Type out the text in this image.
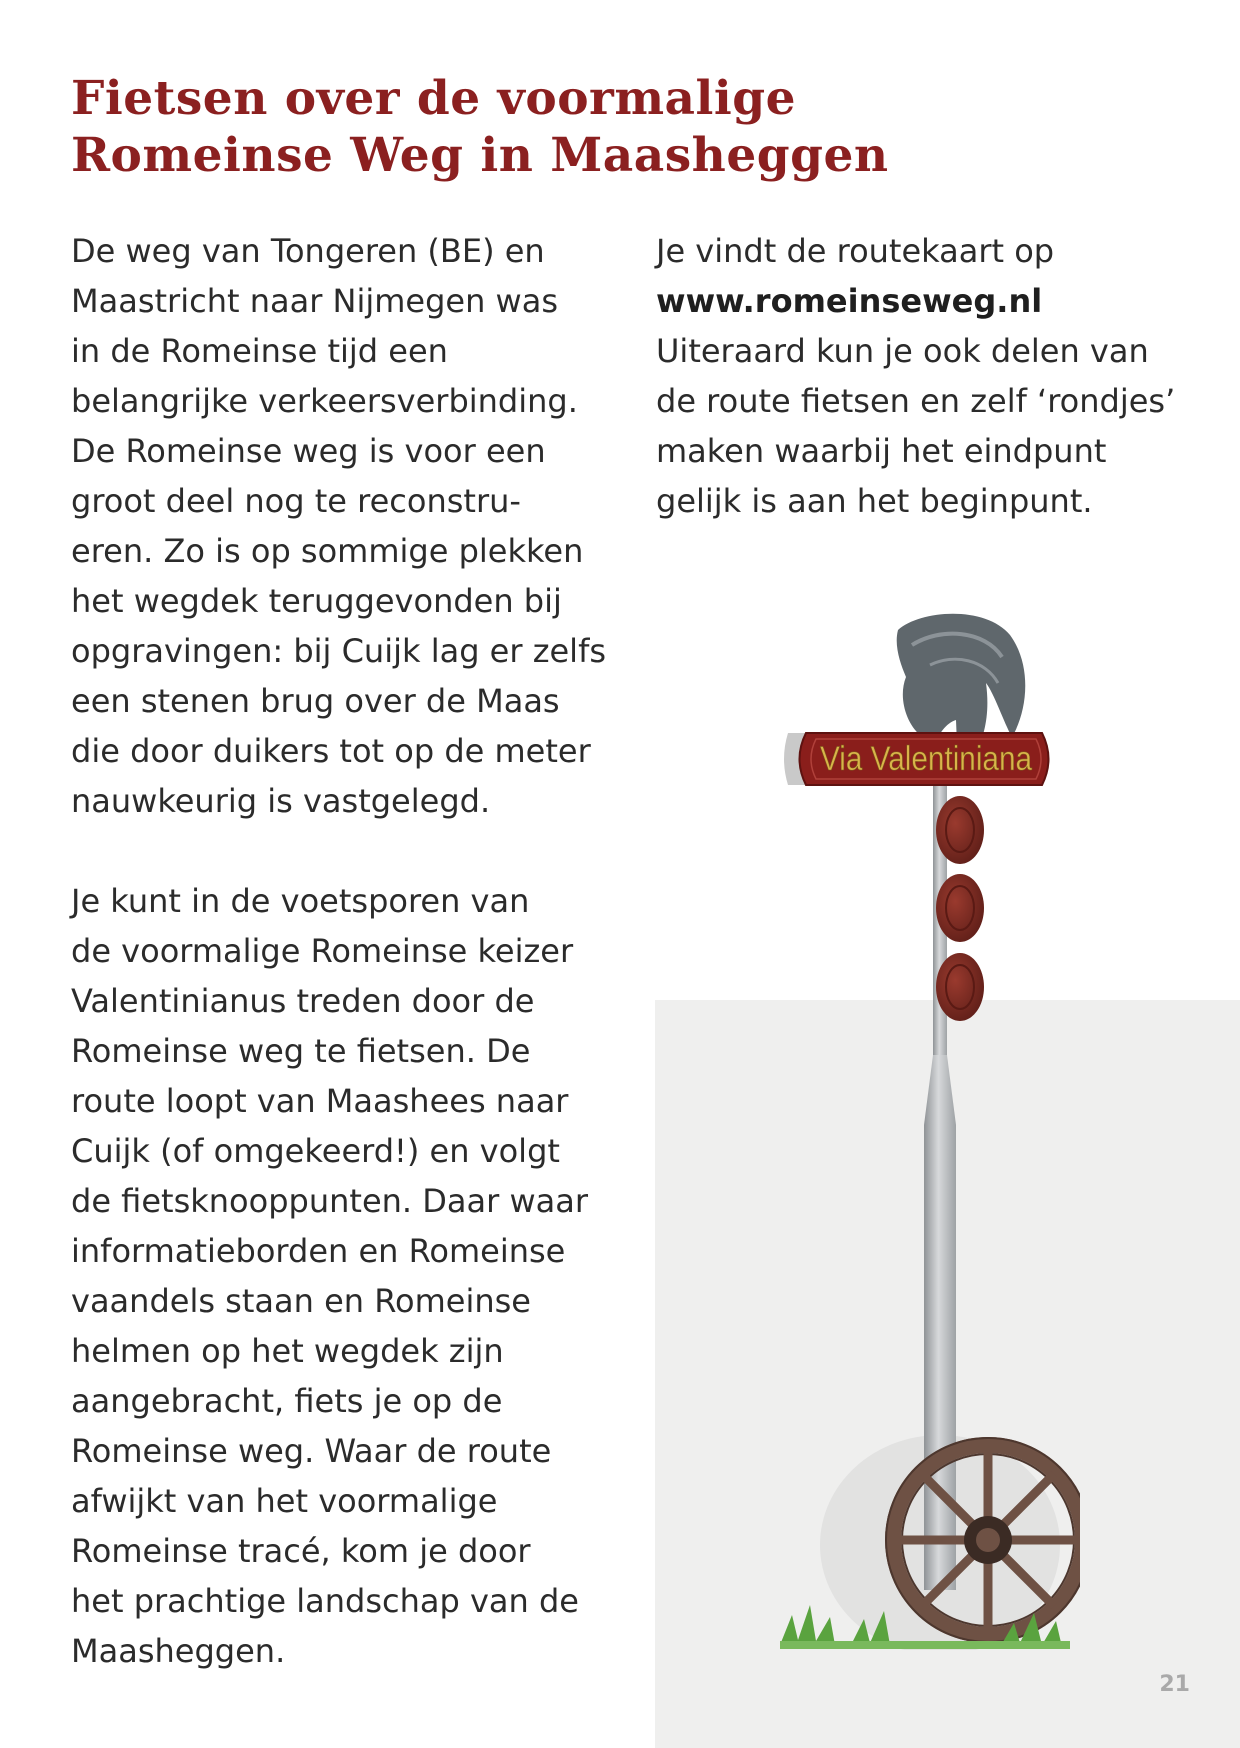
Fietsen over de voormalige
Romeinse Weg in Maasheggen

De weg van Tongeren (BE) en
Maastricht naar Nijmegen was
in de Romeinse tijd een
belangrijke verkeersverbinding.
De Romeinse weg is voor een
groot deel nog te reconstru-
eren. Zo is op sommige plekken
het wegdek teruggevonden bij
opgravingen: bij Cuijk lag er zelfs
een stenen brug over de Maas
die door duikers tot op de meter
nauwkeurig is vastgelegd.

Je kunt in de voetsporen van
de voormalige Romeinse keizer
Valentinianus treden door de
Romeinse weg te fietsen. De
route loopt van Maashees naar
Cuijk (of omgekeerd!) en volgt
de fietsknooppunten. Daar waar
informatieborden en Romeinse
vaandels staan en Romeinse
helmen op het wegdek zijn
aangebracht, fiets je op de
Romeinse weg. Waar de route
afwijkt van het voormalige
Romeinse tracé, kom je door
het prachtige landschap van de
Maasheggen.

Je vindt de routekaart op
www.romeinseweg.nl
Uiteraard kun je ook delen van
de route fietsen en zelf ‘rondjes’
maken waarbij het eindpunt
gelijk is aan het beginpunt.

Via Valentiniana
21
